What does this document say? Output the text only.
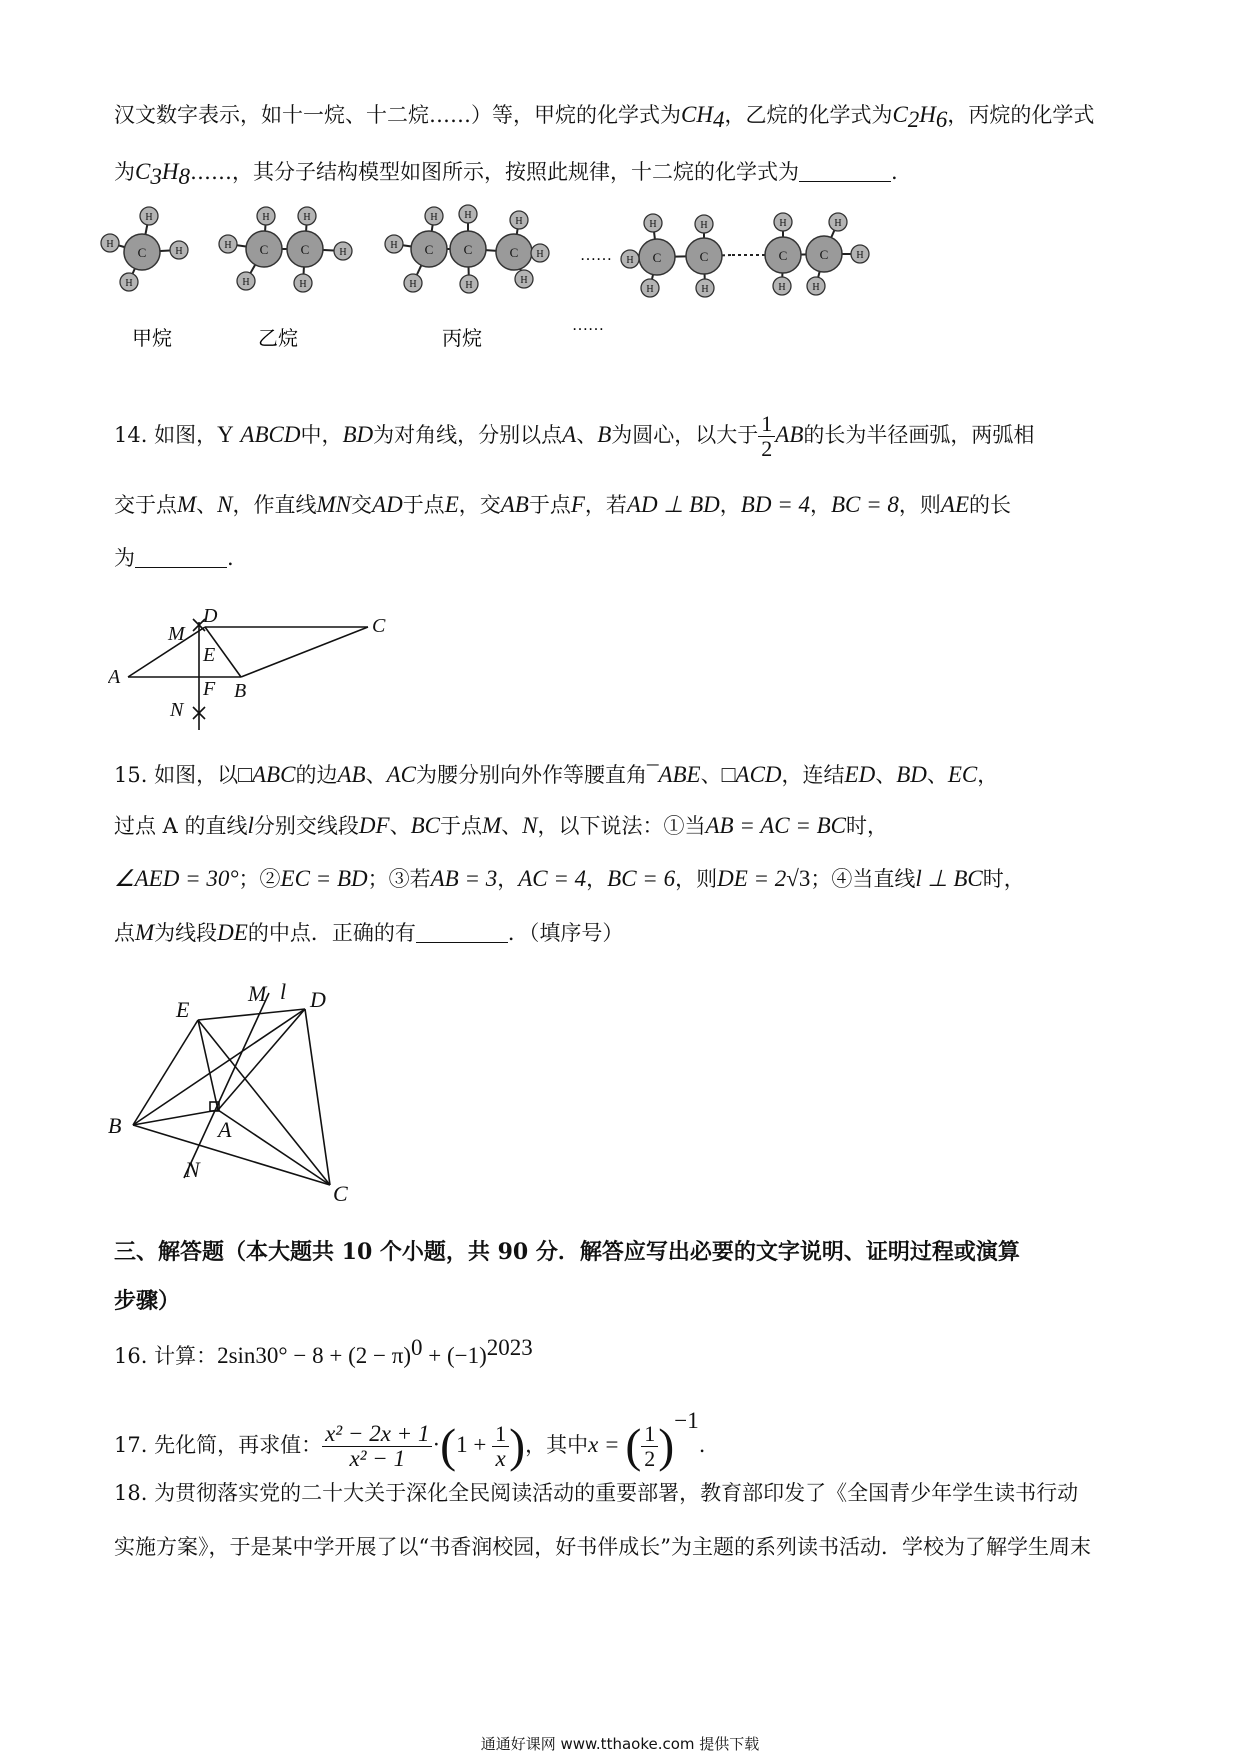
汉文数字表示，如十一烷、十二烷……）等，甲烷的化学式为$CH_4$，乙烷的化学式为$C_2H_6$，丙烷的化学式
为$C_3H_8\dots\dots$，其分子结构模型如图所示，按照此规律，十二烷的化学式为	.
C	C C	C C	C	C	C	C C
H
H
H
H
H
H
H
H
H
H
H
H
H
H
H
H
H
H
H
H
H
H
H
H
H
H
H
H
……
甲烷	乙烷	丙烷
……
14. 如图，Y ABCD中，BD为对角线，分别以点A、B为圆心，以大于 $\frac{1}{2}$ AB的长为半径画弧，两弧相
交于点M、N，作直线MN交AD于点E，交AB于点F，若AD ⊥ BD，BD = 4，BC = 8，则AE的长
为	.
M
D	C
E
A
F B
N
15. 如图，以□ABC的边AB、AC为腰分别向外作等腰直角¯ABE、□ACD，连结ED、BD、EC，
过点 A 的直线l分别交线段DF、BC于点M、N，以下说法：①当AB = AC = BC时，
∠AED = 30°；②EC = BD；③若AB = 3，AC = 4，BC = 6，则DE = 2√3；④当直线l ⊥ BC时，
点M为线段DE的中点．正确的有	．（填序号）
E
M l D
B	A
N
C
三、解答题（本大题共 10 个小题，共 90 分．解答应写出必要的文字说明、证明过程或演算
步骤）
16. 计算：$2\sin 30^\circ - 8 + (2 - \pi)^0 + (-1)^{2023}$
17. 先化简，再求值： $\frac{\text{x² − 2x + 1}}{\text{x² − 1}} \cdot(1 + \frac{1}{x}$ )，其中x = ( $\frac{1}{2} )^{-1}$.
18. 为贯彻落实党的二十大关于深化全民阅读活动的重要部署，教育部印发了《全国青少年学生读书行动
实施方案》，于是某中学开展了以“书香润校园，好书伴成长”为主题的系列读书活动．学校为了解学生周末
通通好课网 www.tthaoke.com 提供下载
